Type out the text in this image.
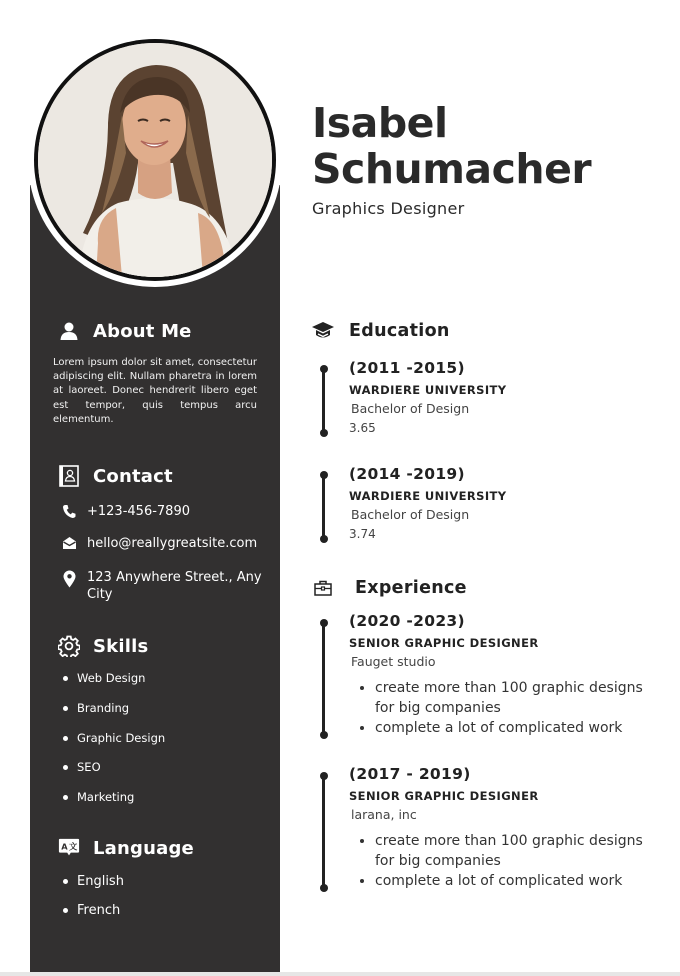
About Me
Lorem ipsum dolor sit amet, consectetur adipiscing elit. Nullam pharetra in lorem at laoreet. Donec hendrerit libero eget est tempor, quis tempus arcu elementum.
Contact
+123-456-7890
hello@reallygreatsite.com
123 Anywhere Street., Any City
Skills
Web Design
Branding
Graphic Design
SEO
Marketing
A 文 Language
English
French
Isabel
Schumacher
Graphics Designer
Education
(2011 -2015)
WARDIERE UNIVERSITY
Bachelor of Design
3.65
(2014 -2019)
WARDIERE UNIVERSITY
Bachelor of Design
3.74
Experience
(2020 -2023)
SENIOR GRAPHIC DESIGNER
Fauget studio
• create more than 100 graphic designs for big companies
• complete a lot of complicated work
(2017 - 2019)
SENIOR GRAPHIC DESIGNER
larana, inc
• create more than 100 graphic designs for big companies
• complete a lot of complicated work
